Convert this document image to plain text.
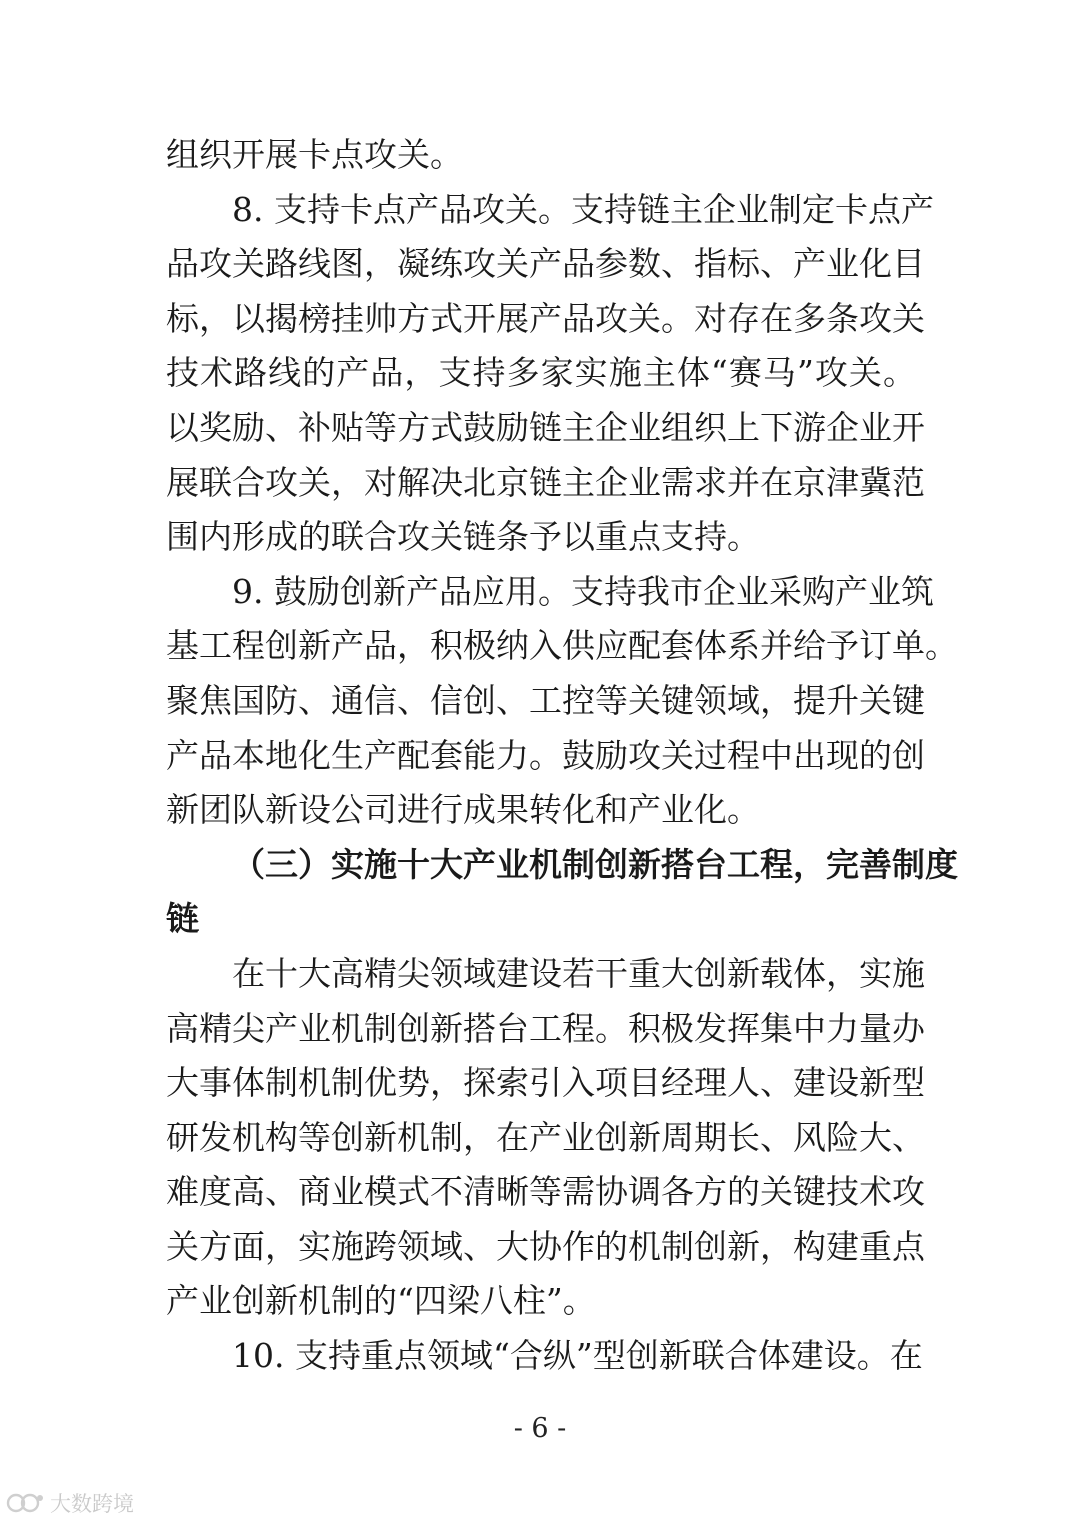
组织开展卡点攻关。
8. 支持卡点产品攻关。支持链主企业制定卡点产
品攻关路线图，凝练攻关产品参数、指标、产业化目
标，以揭榜挂帅方式开展产品攻关。对存在多条攻关
技术路线的产品，支持多家实施主体“赛马”攻关。
以奖励、补贴等方式鼓励链主企业组织上下游企业开
展联合攻关，对解决北京链主企业需求并在京津冀范
围内形成的联合攻关链条予以重点支持。
9. 鼓励创新产品应用。支持我市企业采购产业筑
基工程创新产品，积极纳入供应配套体系并给予订单。
聚焦国防、通信、信创、工控等关键领域，提升关键
产品本地化生产配套能力。鼓励攻关过程中出现的创
新团队新设公司进行成果转化和产业化。
（三）实施十大产业机制创新搭台工程，完善制度
链
在十大高精尖领域建设若干重大创新载体，实施
高精尖产业机制创新搭台工程。积极发挥集中力量办
大事体制机制优势，探索引入项目经理人、建设新型
研发机构等创新机制，在产业创新周期长、风险大、
难度高、商业模式不清晰等需协调各方的关键技术攻
关方面，实施跨领域、大协作的机制创新，构建重点
产业创新机制的“四梁八柱”。
10. 支持重点领域“合纵”型创新联合体建设。在
- 6 -
大数跨境
